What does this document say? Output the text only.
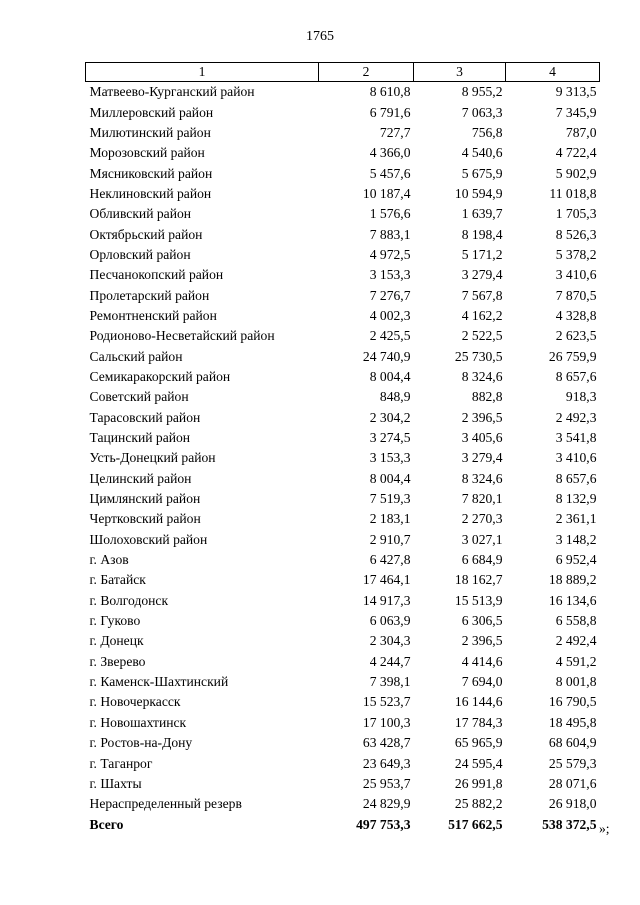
1765
1	2	3	4
Матвеево-Курганский район	8 610,8	8 955,2	9 313,5
Миллеровский район	6 791,6	7 063,3	7 345,9
Милютинский район	727,7	756,8	787,0
Морозовский район	4 366,0	4 540,6	4 722,4
Мясниковский район	5 457,6	5 675,9	5 902,9
Неклиновский район	10 187,4	10 594,9	11 018,8
Обливский район	1 576,6	1 639,7	1 705,3
Октябрьский район	7 883,1	8 198,4	8 526,3
Орловский район	4 972,5	5 171,2	5 378,2
Песчанокопский район	3 153,3	3 279,4	3 410,6
Пролетарский район	7 276,7	7 567,8	7 870,5
Ремонтненский район	4 002,3	4 162,2	4 328,8
Родионово-Несветайский район	2 425,5	2 522,5	2 623,5
Сальский район	24 740,9	25 730,5	26 759,9
Семикаракорский район	8 004,4	8 324,6	8 657,6
Советский район	848,9	882,8	918,3
Тарасовский район	2 304,2	2 396,5	2 492,3
Тацинский район	3 274,5	3 405,6	3 541,8
Усть-Донецкий район	3 153,3	3 279,4	3 410,6
Целинский район	8 004,4	8 324,6	8 657,6
Цимлянский район	7 519,3	7 820,1	8 132,9
Чертковский район	2 183,1	2 270,3	2 361,1
Шолоховский район	2 910,7	3 027,1	3 148,2
г. Азов	6 427,8	6 684,9	6 952,4
г. Батайск	17 464,1	18 162,7	18 889,2
г. Волгодонск	14 917,3	15 513,9	16 134,6
г. Гуково	6 063,9	6 306,5	6 558,8
г. Донецк	2 304,3	2 396,5	2 492,4
г. Зверево	4 244,7	4 414,6	4 591,2
г. Каменск-Шахтинский	7 398,1	7 694,0	8 001,8
г. Новочеркасск	15 523,7	16 144,6	16 790,5
г. Новошахтинск	17 100,3	17 784,3	18 495,8
г. Ростов-на-Дону	63 428,7	65 965,9	68 604,9
г. Таганрог	23 649,3	24 595,4	25 579,3
г. Шахты	25 953,7	26 991,8	28 071,6
Нераспределенный резерв	24 829,9	25 882,2	26 918,0
Всего	497 753,3	517 662,5	538 372,5 »;
